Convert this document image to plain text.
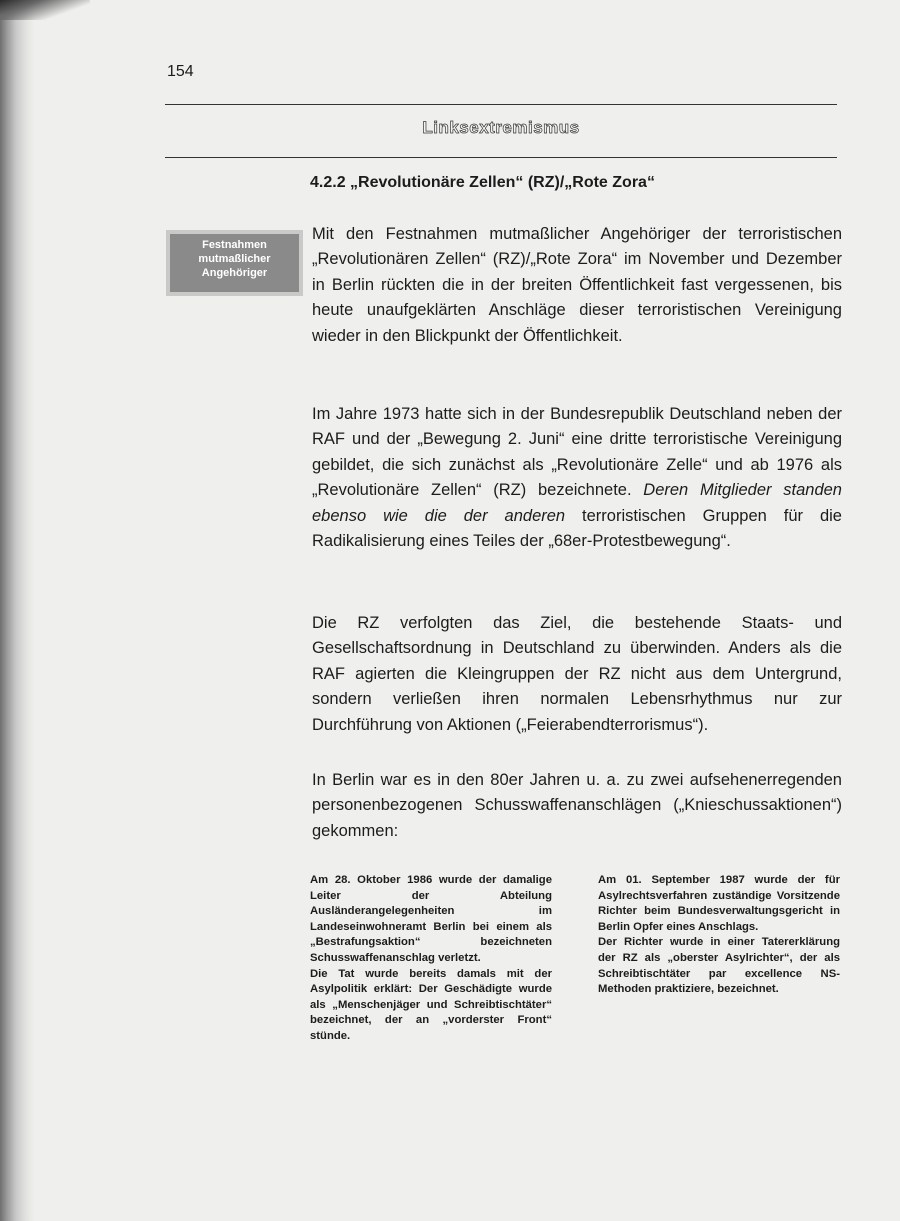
154
Linksextremismus
4.2.2 „Revolutionäre Zellen“ (RZ)/„Rote Zora“
Festnahmen
mutmaßlicher
Angehöriger

Mit den Festnahmen mutmaßlicher Angehöriger der terroristischen „Revolutionären Zellen“ (RZ)/„Rote Zora“ im November und Dezember in Berlin rückten die in der breiten Öffentlichkeit fast vergessenen, bis heute unaufgeklärten Anschläge dieser terroristischen Vereinigung wieder in den Blickpunkt der Öffentlichkeit.

Im Jahre 1973 hatte sich in der Bundesrepublik Deutschland neben der RAF und der „Bewegung 2. Juni“ eine dritte terroristische Vereinigung gebildet, die sich zunächst als „Revolutionäre Zelle“ und ab 1976 als „Revolutionäre Zellen“ (RZ) bezeichnete. Deren Mitglieder standen ebenso wie die der anderen terroristischen Gruppen für die Radikalisierung eines Teiles der „68er-Protestbewegung“.

Die RZ verfolgten das Ziel, die bestehende Staats- und Gesellschaftsordnung in Deutschland zu überwinden. Anders als die RAF agierten die Kleingruppen der RZ nicht aus dem Untergrund, sondern verließen ihren normalen Lebensrhythmus nur zur Durchführung von Aktionen („Feierabendterrorismus“).

In Berlin war es in den 80er Jahren u. a. zu zwei aufsehenerregenden personenbezogenen Schusswaffenanschlägen („Knieschussaktionen“) gekommen:

Am 28. Oktober 1986 wurde der damalige Leiter der Abteilung Ausländerangelegenheiten im Landeseinwohneramt Berlin bei einem als „Bestrafungsaktion“ bezeichneten Schusswaffenanschlag verletzt.

Die Tat wurde bereits damals mit der Asylpolitik erklärt: Der Geschädigte wurde als „Menschenjäger und Schreibtischtäter“ bezeichnet, der an „vorderster Front“ stünde.

Am 01. September 1987 wurde der für Asylrechtsverfahren zuständige Vorsitzende Richter beim Bundesverwaltungsgericht in Berlin Opfer eines Anschlags.

Der Richter wurde in einer Tatererklärung der RZ als „oberster Asylrichter“, der als Schreibtischtäter par excellence NS-Methoden praktiziere, bezeichnet.
